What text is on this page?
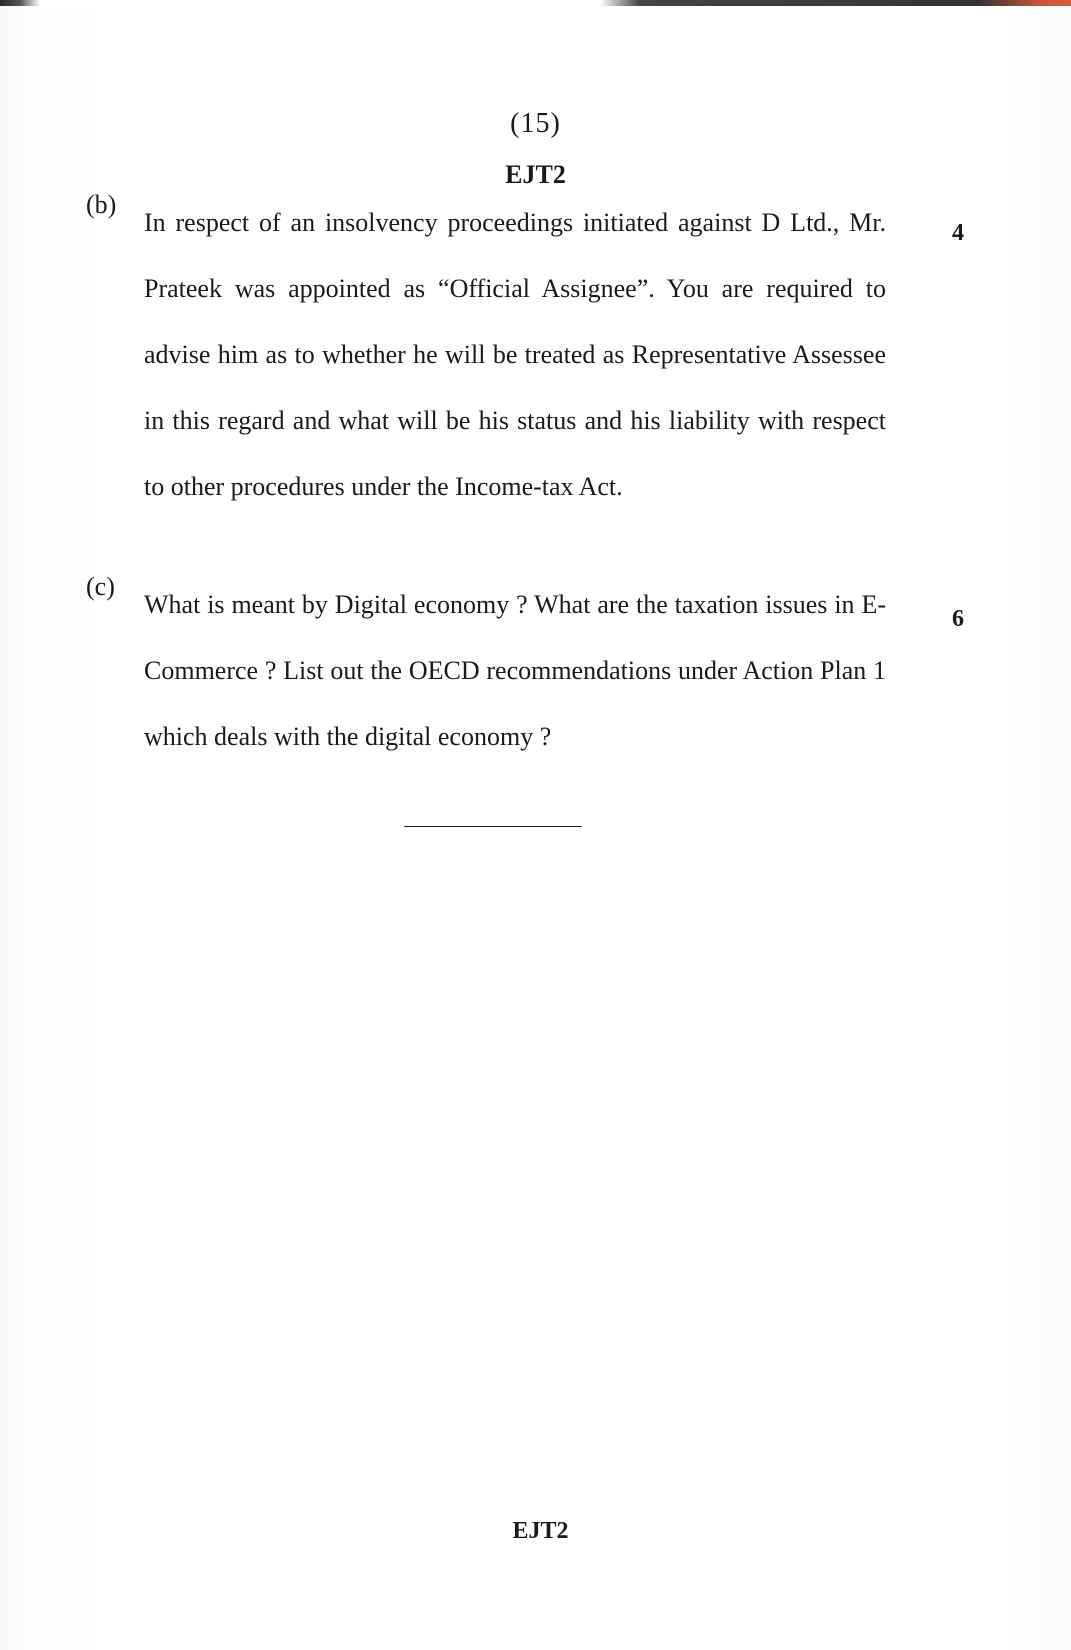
(15)
EJT2
(b)
In respect of an insolvency proceedings initiated against D Ltd., Mr. Prateek was appointed as “Official Assignee”. You are required to advise him as to whether he will be treated as Representative Assessee in this regard and what will be his status and his liability with respect to other procedures under the Income-tax Act.
4
(c)
What is meant by Digital economy ? What are the taxation issues in E-Commerce ? List out the OECD recommendations under Action Plan 1 which deals with the digital economy ?
6
EJT2
